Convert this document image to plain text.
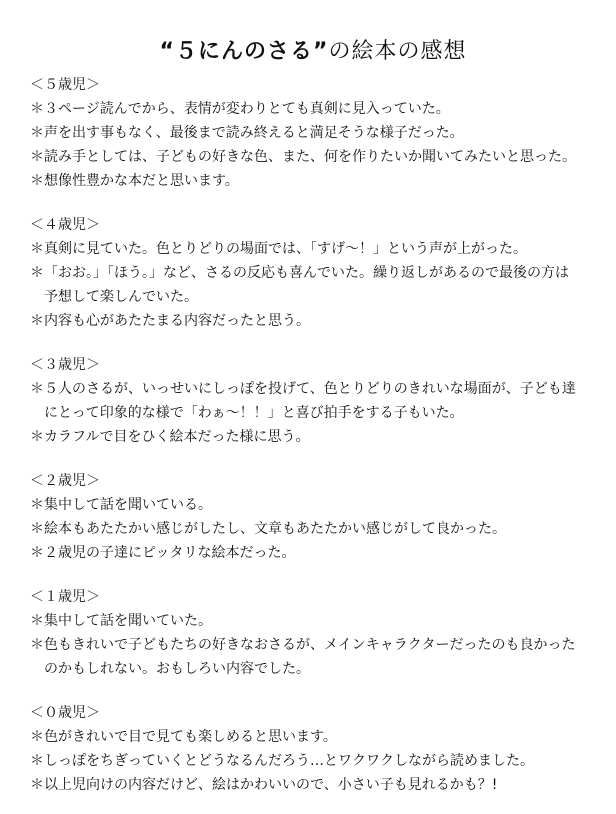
“５にんのさる”の絵本の感想
＜５歳児＞
＊３ページ読んでから、表情が変わりとても真剣に見入っていた。
＊声を出す事もなく、最後まで読み終えると満足そうな様子だった。
＊読み手としては、子どもの好きな色、また、何を作りたいか聞いてみたいと思った。
＊想像性豊かな本だと思います。
＜４歳児＞
＊真剣に見ていた。色とりどりの場面では、「すげ〜！」という声が上がった。
＊「おお。」「ほう。」など、さるの反応も喜んでいた。繰り返しがあるので最後の方は
予想して楽しんでいた。
＊内容も心があたたまる内容だったと思う。
＜３歳児＞
＊５人のさるが、いっせいにしっぽを投げて、色とりどりのきれいな場面が、子ども達
にとって印象的な様で「わぁ〜！！」と喜び拍手をする子もいた。
＊カラフルで目をひく絵本だった様に思う。
＜２歳児＞
＊集中して話を聞いている。
＊絵本もあたたかい感じがしたし、文章もあたたかい感じがして良かった。
＊２歳児の子達にピッタリな絵本だった。
＜１歳児＞
＊集中して話を聞いていた。
＊色もきれいで子どもたちの好きなおさるが、メインキャラクターだったのも良かった
のかもしれない。おもしろい内容でした。
＜０歳児＞
＊色がきれいで目で見ても楽しめると思います。
＊しっぽをちぎっていくとどうなるんだろう…とワクワクしながら読めました。
＊以上児向けの内容だけど、絵はかわいいので、小さい子も見れるかも？!
